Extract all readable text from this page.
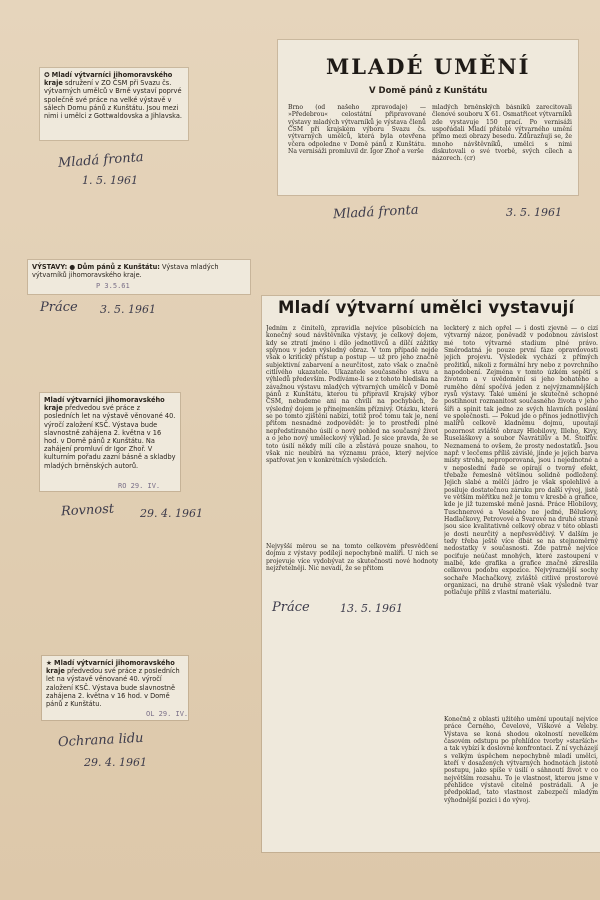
✪ Mladí výtvarníci jihomoravského kraje sdružení v ZO ČSM při Svazu čs. výtvarných umělců v Brně vystaví poprvé společně své práce na velké výstavě v sálech Domu pánů z Kunštátu. Jsou mezi nimi i umělci z Gottwaldovska a Jihlavska.
Mladá fronta
1. 5. 1961
MLADÉ UMĚNÍ
V Domě pánů z Kunštátu
Brno (od našeho zpravodaje) — »Předebrou« celostátní připravované výstavy mladých výtvarníků je výstava členů ČSM při krajském výboru Svazu čs. výtvarných umělců, která byla otevřena včera odpoledne v Domě pánů z Kunštátu. Na vernisáži promluvil dr. Igor Zhoř a verše
mladých brněnských básníků zarecitovali členové souboru X 61. Osmatřicet výtvarníků zde vystavuje 150 prací. Po vernisáži uspořádali Mladí přátelé výtvarného umění přímo mezi obrazy besedu. Zdůrazňuji se, že mnoho návštěvníků, umělci s nimi diskutovali o své tvorbě, svých cílech a názorech. (cr)
Mladá fronta	3. 5. 1961
VÝSTAVY: ● Dům pánů z Kunštátu: Výstava mladých výtvarníků jihomoravského kraje.
P 3.5.61
Práce 3. 5. 1961
Mladí výtvarníci jihomoravského kraje předvedou své práce z posledních let na výstavě věnované 40. výročí založení KSČ. Výstava bude slavnostně zahájena 2. května v 16 hod. v Domě pánů z Kunštátu. Na zahájení promluví dr Igor Zhoř. V kulturním pořadu zazní básně a skladby mladých brněnských autorů.
RO 29. IV.
Rovnost 29. 4. 1961
★ Mladí výtvarníci jihomoravského kraje předvedou své práce z posledních let na výstavě věnované 40. výročí založení KSČ. Výstava bude slavnostně zahájena 2. května v 16 hod. v Domě pánů z Kunštátu.
OL 29. IV.
Ochrana lidu
29. 4. 1961
Mladí výtvarní umělci vystavují
Jedním z činitelů, zpravidla nejvíce působících na konečný soud návštěvníka výstavy, je celkový dojem, kdy se ztratí jméno i dílo jednotlivců a dílčí zážitky splynou v jeden výsledný obraz. V tom případě nejde však o kritický přístup a postup — už pro jeho značně subjektivní zabarvení a neurčitost, zato však o značně citlivého ukazatele. Ukazatele současného stavu a výhledů především. Podíváme-li se z tohoto hlediska na závažnou výstavu mladých výtvarných umělců v Domě pánů z Kunštátu, kterou tu připravil Krajský výbor ČSM, nebudeme ani na chvíli na pochybách, že výsledný dojem je přinejmenším příznivý. Otázku, která se po tomto zjištění nabízí, totiž proč tomu tak je, není přitom nesnadné zodpovědět: je to prostředí plné nepředstíraného úsilí o nový pohled na současný život a o jeho nový uměleckový výklad. Je sice pravda, že se toto úsilí někdy mílí cíle a zůstává pouze snahou, to však nic neubírá na významu práce, který nejvíce spatřovat jen v konkrétních výsledcích.
Nejvyšší měrou se na tomto celkovém přesvědčení dojmu z výstavy podílejí nepochybně malíři. U nich se projevuje více vydobývat ze skutečnosti nové hodnoty nejzřetelněji. Nic nevadí, že se přitom
Práce	13. 5. 1961
leckterý z nich opřel — i dosti zjevně — o cizí výtvarný názor, poněvadž v podobnou závislost mé toto výtvarné stadium plné právo. Směrodatná je pouze první fáze opravdovosti jejich projevu. Výsledek vychází z přímých prožitků, nikoli z formální hry nebo z povrchního napodobení. Zejména v tomto úzkém sepětí s životem a v uvědomění si jeho bohatého a ruměho dění spočívá jeden z nejvýznamnějších rysů výstavy. Také umění je skutečně schopné postihnout rozmanitost současného života v jeho šíři a spinit tak jedno ze svých hlavních poslání ve společnosti. — Pokud jde o přínos jednotlivých malířů celkově kladnému dojmu, upoutají pozornost zvláště obrazy Hlobilovy, Illeho, Kivy, Ruseláškovy a soubor Navrátilův a M. Štolfův. Neznamená to ovšem, že prosty nedostatků. Jsou např. v lecčems příliš závislé, jinde je jejich barva místy strohá, neproporovaná, jsou i nejednotné a v neposlední řadě se opírají o tvorný efekt, třebaže řemeslně většinou solidně podložený. Jejich slabé a mělčí jádro je však spolehlivě a posiluje dostatečnou záruku pro další vývoj, jistě ve větším měřítku než je tomu v kresbě a grafice, kde je již tuzemské méně jasná. Práce Hlobilovy, Tuschnerové a Veselého ne jedné, Bělušovy, Hadlačkovy, Petrovové a Švarové na druhé straně jsou sice kvalitativně celkový obraz v této oblasti je dosti neurčitý a nepřesvědčivý. V dalším je tedy třeba ještě více dbát se na stejnoměrný nedostatky v současnosti. Zde patrně nejvíce pociťuje neúčast mnohých, které zastoupení v malbě, kde grafika a grafice značně zkreslila celkovou podobu expozice. Nejvýraznější sochy sochaře Machačkovy, zvláště citlivé prostorové organizaci, na druhé straně však výsledně tvar potlačuje příliš z vlastní materiálu.
Konečně z oblasti užitého umění upoutají nejvíce práce Černého, Čevelové, Víškové a Veleby. Výstava se koná shodou okolností nevelkém časovém odstupu po přehlídce tvorby »starších« a tak vybízí k doslovné konfrontaci. Z ní vycházejí s velkým úspěchem nepochybně mladí umělci, kteří v dosažených výtvarných hodnotách jistotě postupu, jako spíše v úsilí o sáhnoutí život v co největším rozsahu. To je vlastnost, kterou jsme v přehlídce výstavě citelně postrádali. A je předpoklad, tato vlastnost zabezpečí mladým výhodnější pozici i do vývoj.
